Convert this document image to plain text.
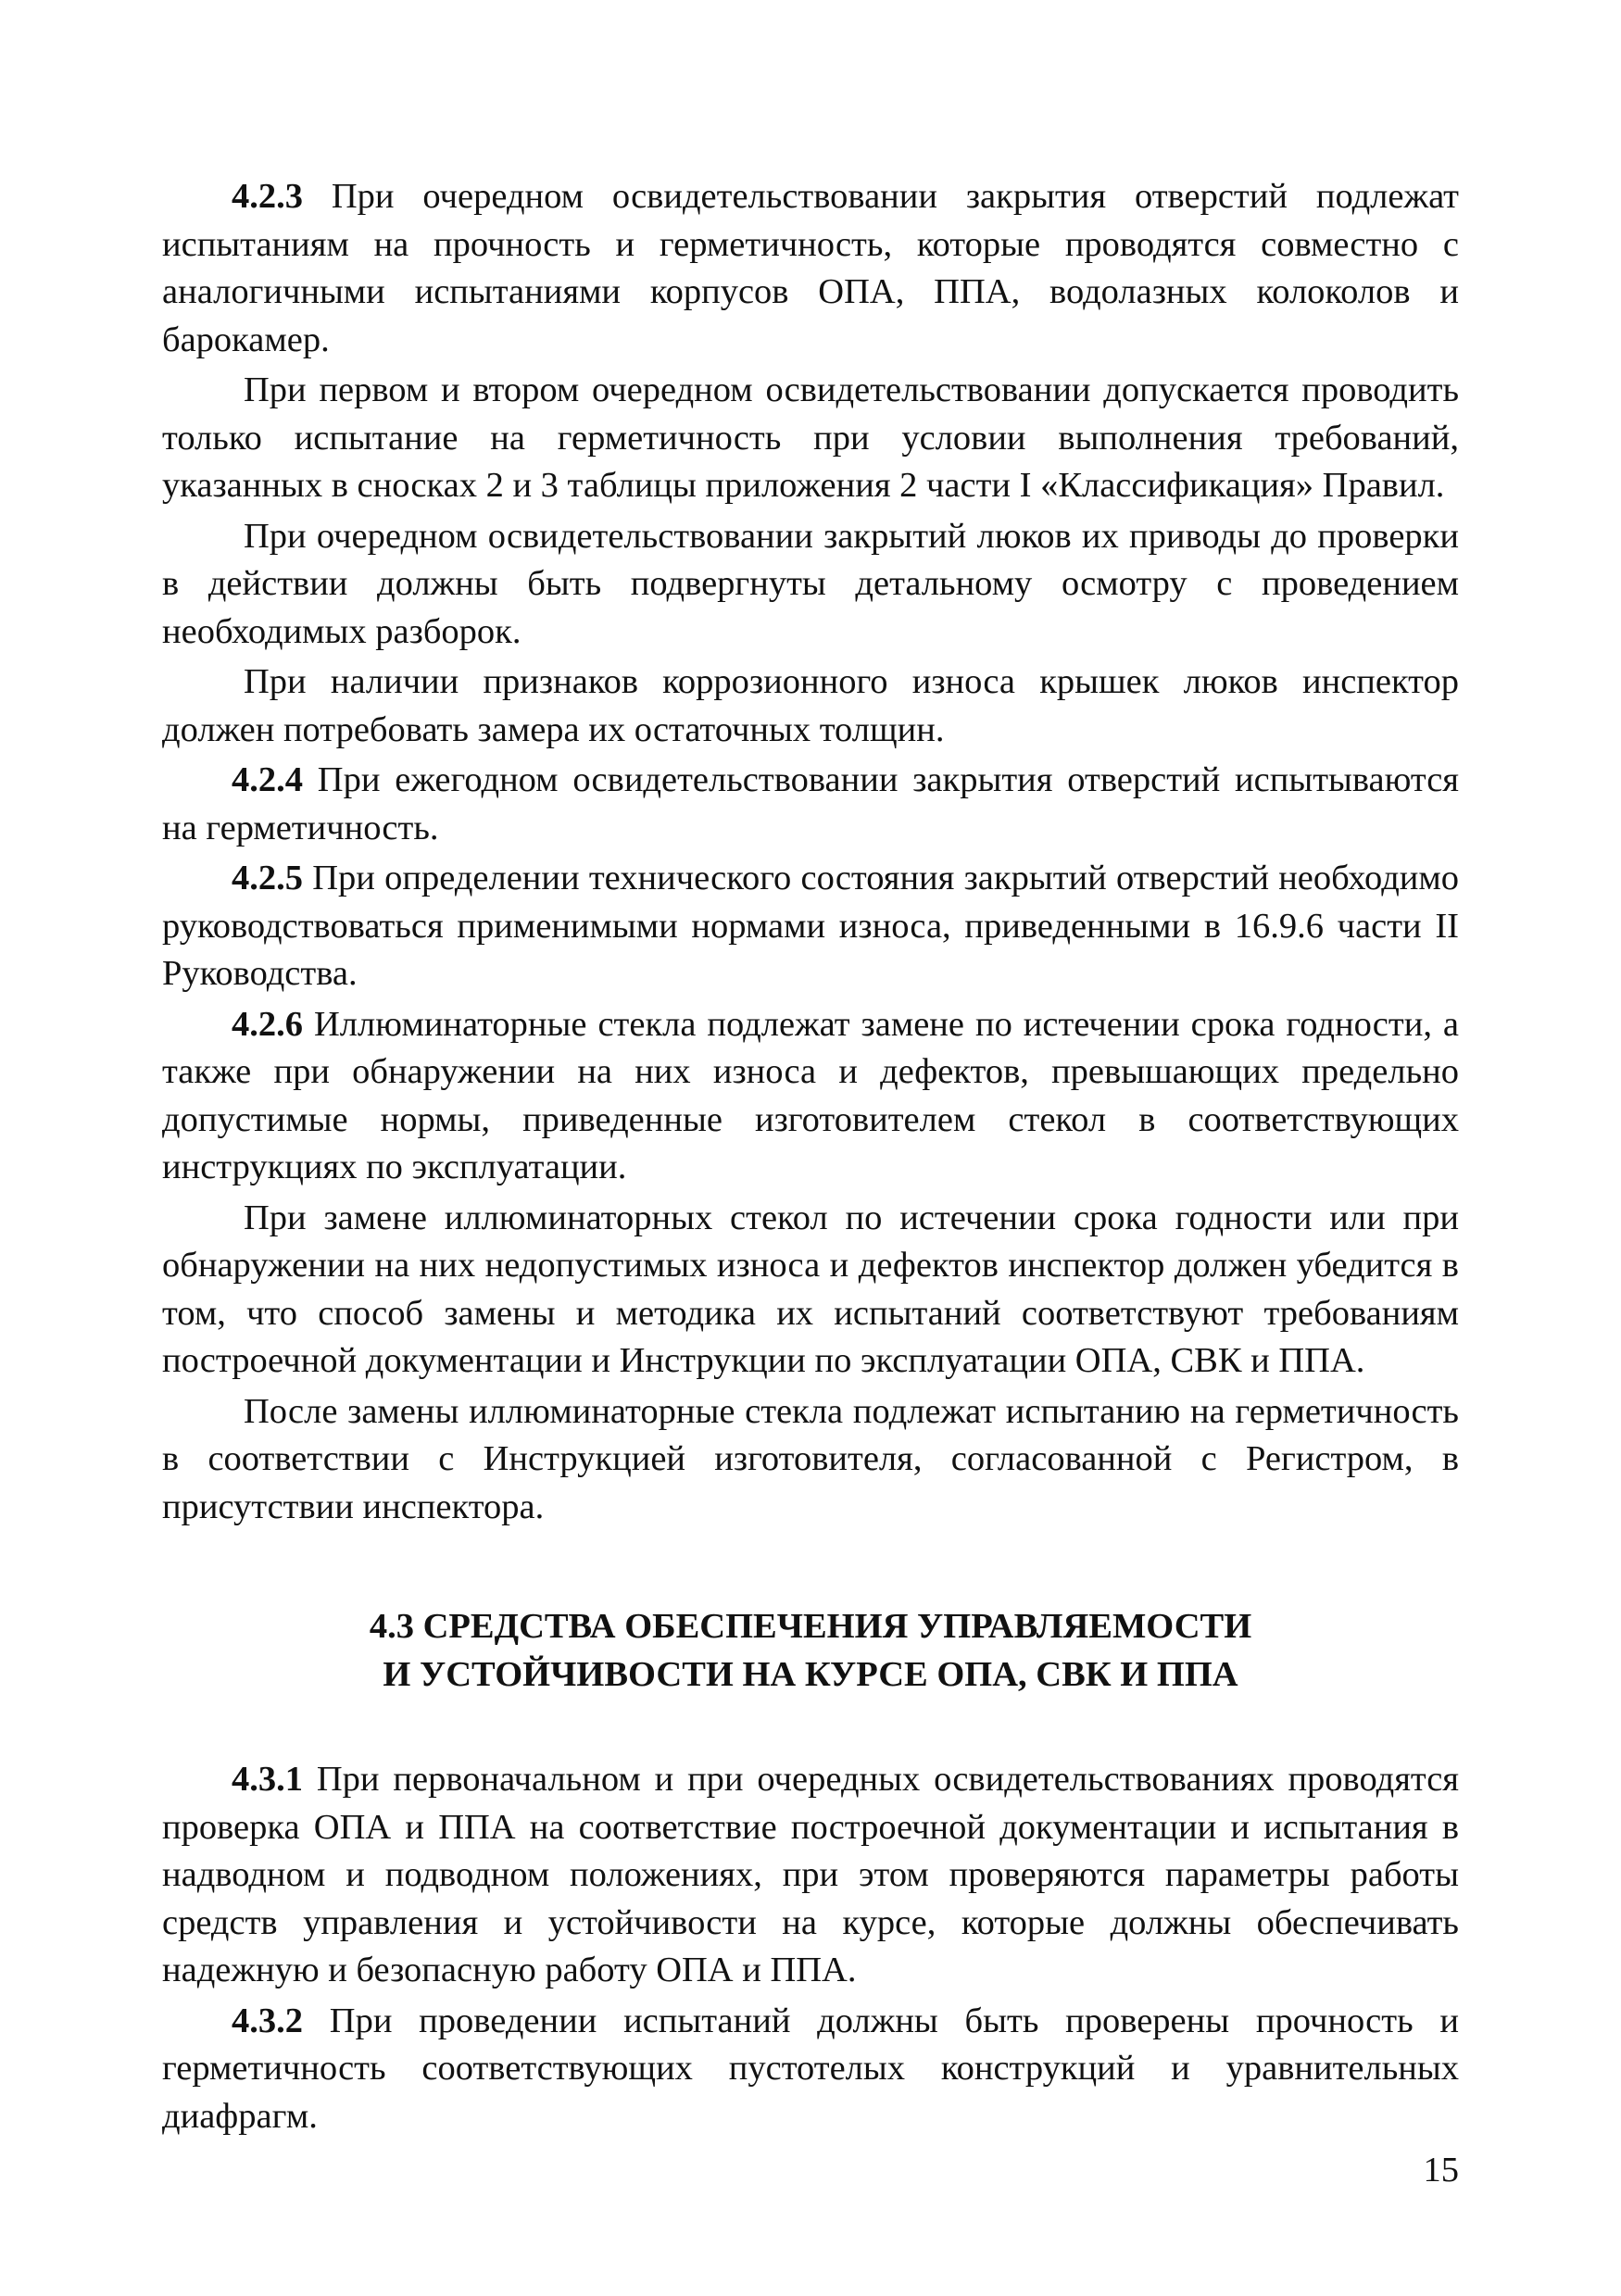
4.2.3 При очередном освидетельствовании закрытия отверстий подлежат испытаниям на прочность и герметичность, которые проводятся совместно с аналогичными испытаниями корпусов ОПА, ППА, водолазных колоколов и барокамер.

При первом и втором очередном освидетельствовании допускается проводить только испытание на герметичность при условии выполнения требований, указанных в сносках 2 и 3 таблицы приложения 2 части I «Классификация» Правил.

При очередном освидетельствовании закрытий люков их приводы до проверки в действии должны быть подвергнуты детальному осмотру с проведением необходимых разборок.

При наличии признаков коррозионного износа крышек люков инспектор должен потребовать замера их остаточных толщин.

4.2.4 При ежегодном освидетельствовании закрытия отверстий испытываются на герметичность.

4.2.5 При определении технического состояния закрытий отверстий необходимо руководствоваться применимыми нормами износа, приведенными в 16.9.6 части II Руководства.

4.2.6 Иллюминаторные стекла подлежат замене по истечении срока годности, а также при обнаружении на них износа и дефектов, превышающих предельно допустимые нормы, приведенные изготовителем стекол в соответствующих инструкциях по эксплуатации.

При замене иллюминаторных стекол по истечении срока годности или при обнаружении на них недопустимых износа и дефектов инспектор должен убедится в том, что способ замены и методика их испытаний соответствуют требованиям построечной документации и Инструкции по эксплуатации ОПА, СВК и ППА.

После замены иллюминаторные стекла подлежат испытанию на герметичность в соответствии с Инструкцией изготовителя, согласованной с Регистром, в присутствии инспектора.

4.3 СРЕДСТВА ОБЕСПЕЧЕНИЯ УПРАВЛЯЕМОСТИ
И УСТОЙЧИВОСТИ НА КУРСЕ ОПА, СВК И ППА

4.3.1 При первоначальном и при очередных освидетельствованиях проводятся проверка ОПА и ППА на соответствие построечной документации и испытания в надводном и подводном положениях, при этом проверяются параметры работы средств управления и устойчивости на курсе, которые должны обеспечивать надежную и безопасную работу ОПА и ППА.

4.3.2 При проведении испытаний должны быть проверены прочность и герметичность соответствующих пустотелых конструкций и уравнительных диафрагм.

15
